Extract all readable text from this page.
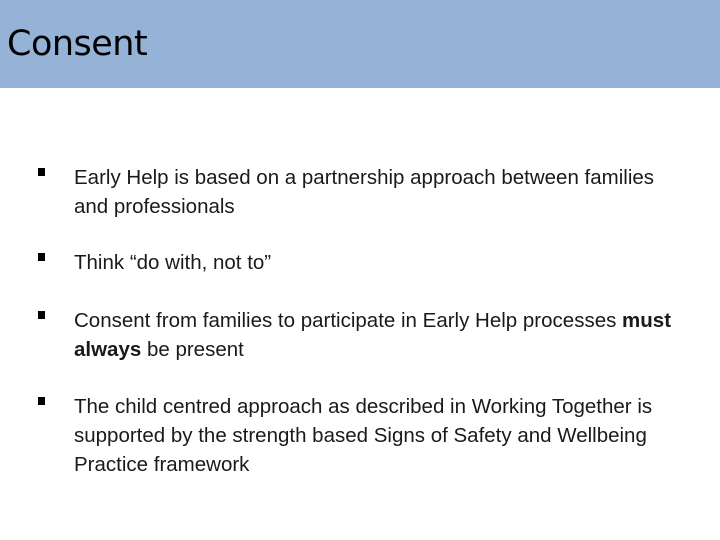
Consent
Early Help is based on a partnership approach between families and professionals
Think “do with, not to”
Consent from families to participate in Early Help processes must always be present
The child centred approach as described in Working Together is supported by the strength based Signs of Safety and Wellbeing Practice framework
